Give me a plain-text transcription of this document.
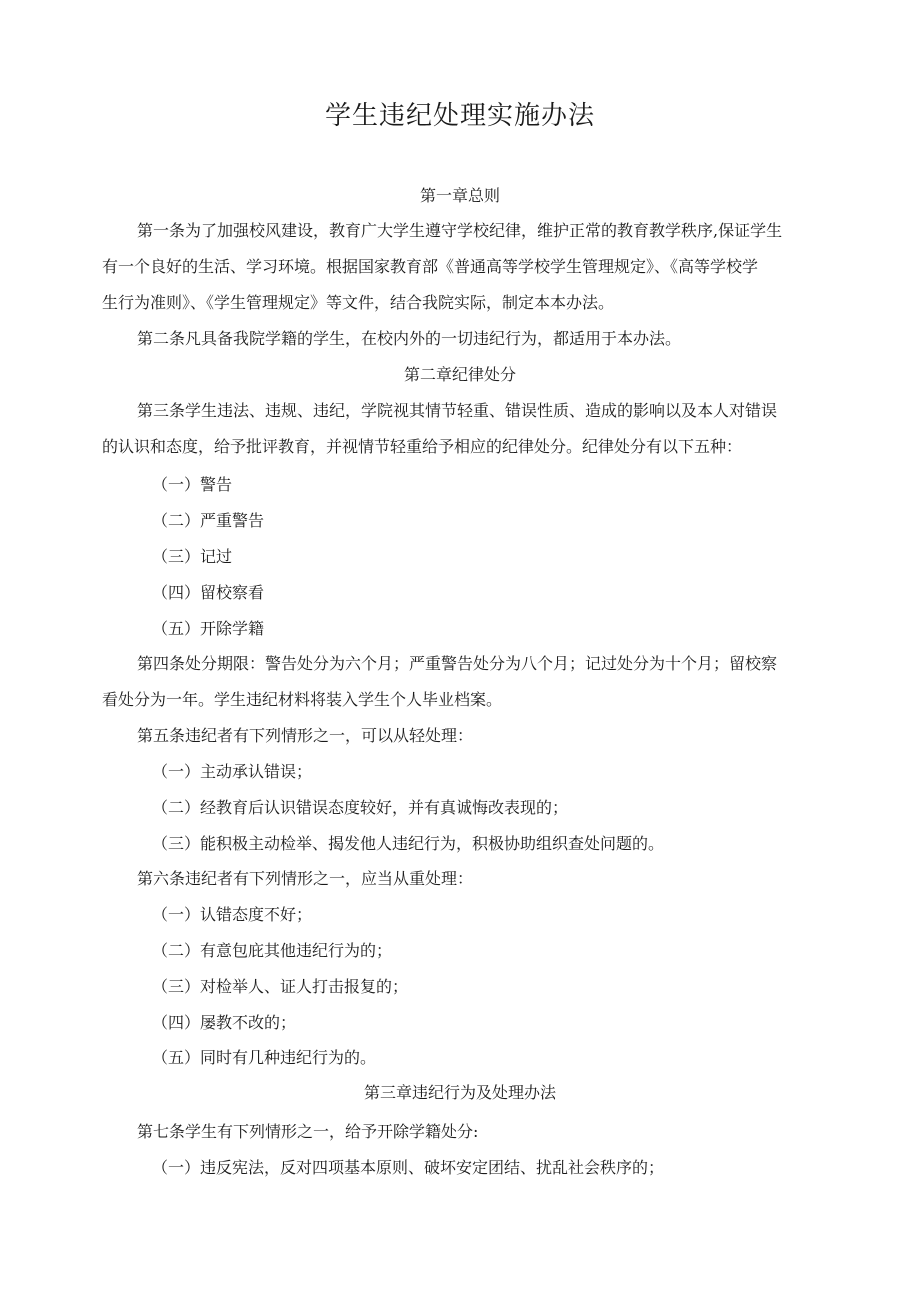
学生违纪处理实施办法
第一章总则
第一条为了加强校风建设，教育广大学生遵守学校纪律，维护正常的教育教学秩序,保证学生
有一个良好的生活、学习环境。根据国家教育部《普通高等学校学生管理规定》、《高等学校学
生行为准则》、《学生管理规定》等文件，结合我院实际，制定本本办法。
第二条凡具备我院学籍的学生，在校内外的一切违纪行为，都适用于本办法。
第二章纪律处分
第三条学生违法、违规、违纪，学院视其情节轻重、错误性质、造成的影响以及本人对错误
的认识和态度，给予批评教育，并视情节轻重给予相应的纪律处分。纪律处分有以下五种：
（一）警告
（二）严重警告
（三）记过
（四）留校察看
（五）开除学籍
第四条处分期限：警告处分为六个月；严重警告处分为八个月；记过处分为十个月；留校察
看处分为一年。学生违纪材料将装入学生个人毕业档案。
第五条违纪者有下列情形之一，可以从轻处理：
（一）主动承认错误；
（二）经教育后认识错误态度较好，并有真诚悔改表现的；
（三）能积极主动检举、揭发他人违纪行为，积极协助组织查处问题的。
第六条违纪者有下列情形之一，应当从重处理：
（一）认错态度不好；
（二）有意包庇其他违纪行为的；
（三）对检举人、证人打击报复的；
（四）屡教不改的；
（五）同时有几种违纪行为的。
第三章违纪行为及处理办法
第七条学生有下列情形之一，给予开除学籍处分:
（一）违反宪法，反对四项基本原则、破坏安定团结、扰乱社会秩序的；
